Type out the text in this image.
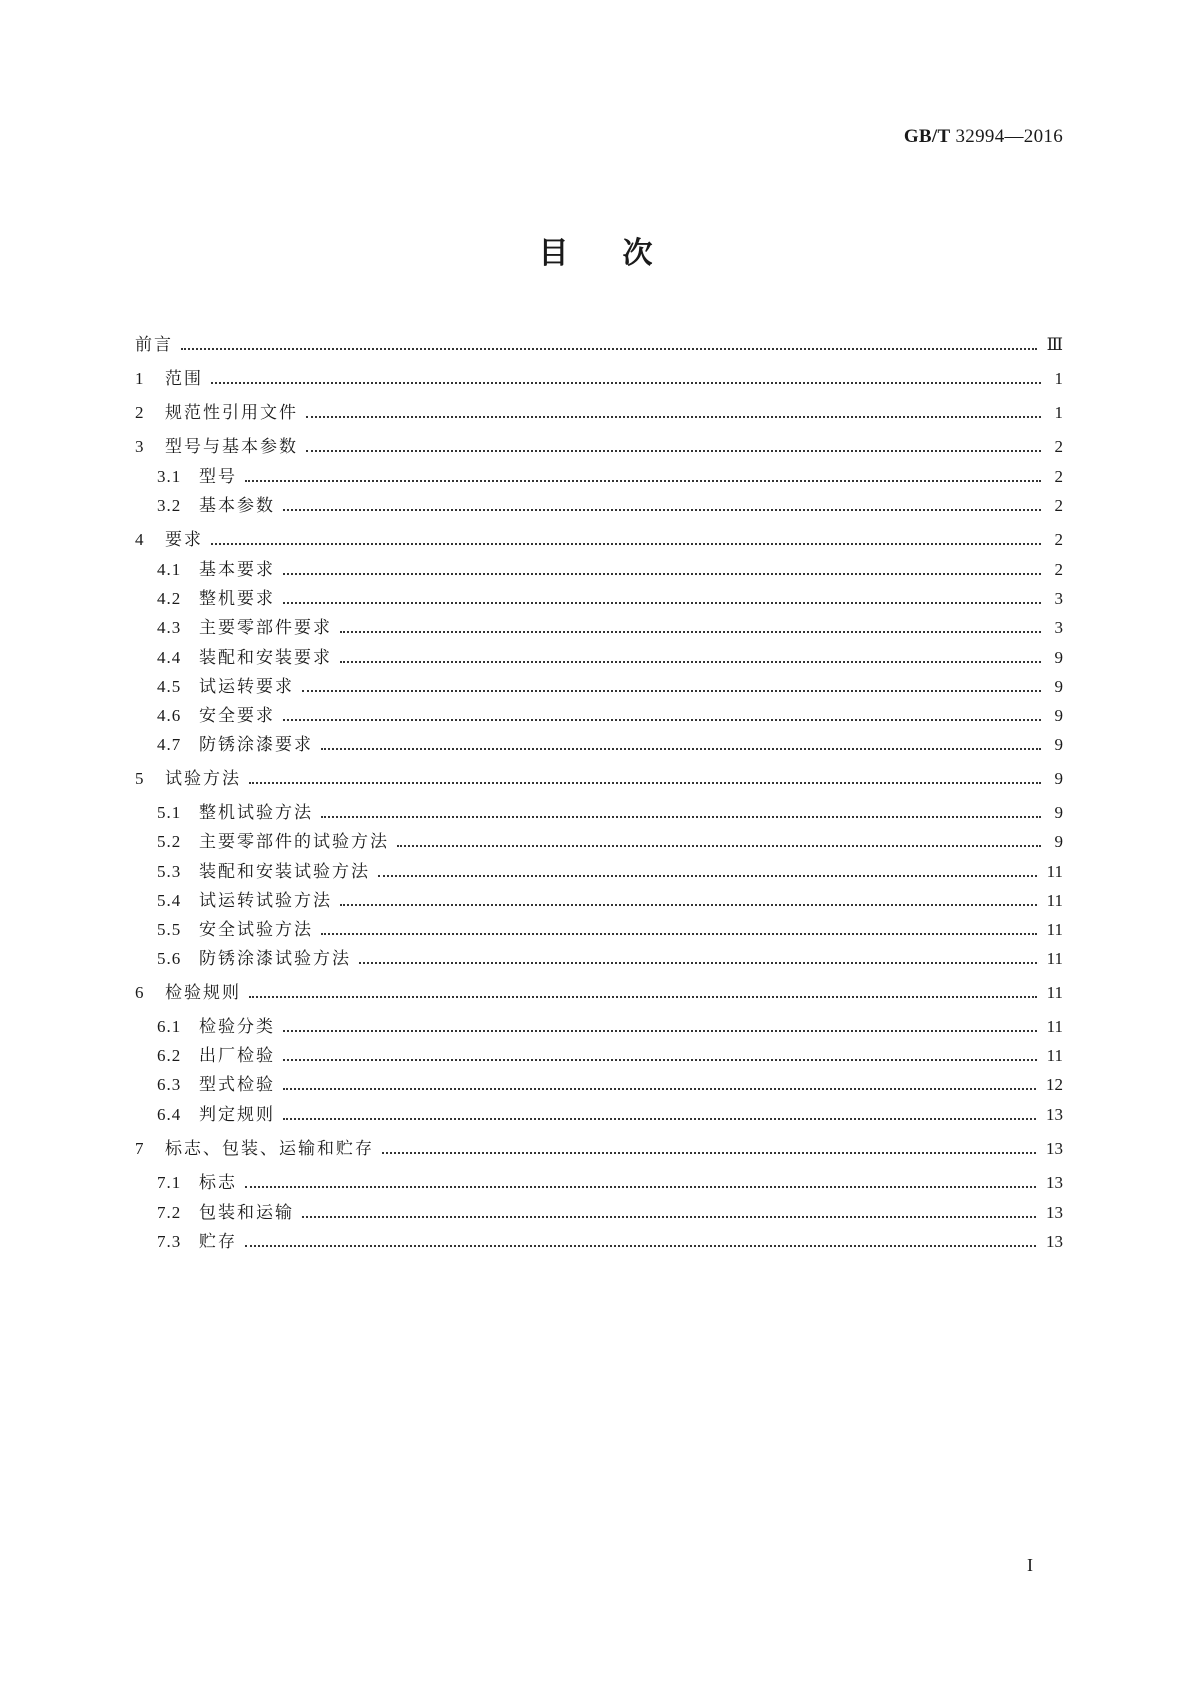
GB/T 32994—2016
目次
前言	Ⅲ
1	范围	1
2	规范性引用文件	1
3	型号与基本参数	2
3.1	型号	2
3.2	基本参数	2
4	要求	2
4.1	基本要求	2
4.2	整机要求	3
4.3	主要零部件要求	3
4.4	装配和安装要求	9
4.5	试运转要求	9
4.6	安全要求	9
4.7	防锈涂漆要求	9
5	试验方法	9
5.1	整机试验方法	9
5.2	主要零部件的试验方法	9
5.3	装配和安装试验方法	11
5.4	试运转试验方法	11
5.5	安全试验方法	11
5.6	防锈涂漆试验方法	11
6	检验规则	11
6.1	检验分类	11
6.2	出厂检验	11
6.3	型式检验	12
6.4	判定规则	13
7	标志、包装、运输和贮存	13
7.1	标志	13
7.2	包装和运输	13
7.3	贮存	13
I
